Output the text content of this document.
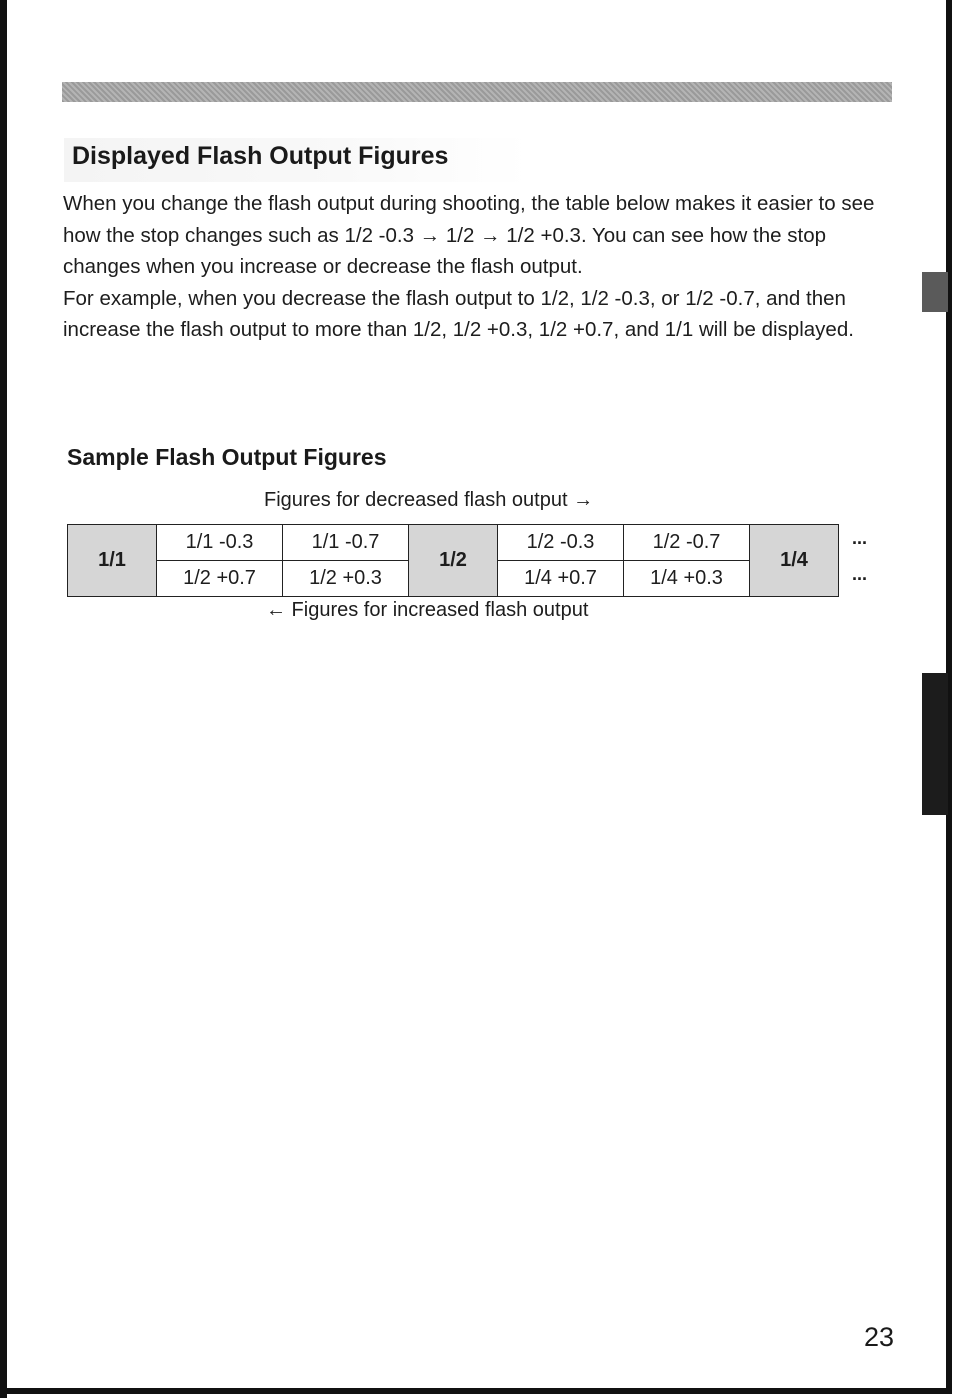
Displayed Flash Output Figures

When you change the flash output during shooting, the table below makes it easier to see how the stop changes such as 1/2 -0.3 → 1/2 → 1/2 +0.3. You can see how the stop changes when you increase or decrease the flash output.

For example, when you decrease the flash output to 1/2, 1/2 -0.3, or 1/2 -0.7, and then increase the flash output to more than 1/2, 1/2 +0.3, 1/2 +0.7, and 1/1 will be displayed.

Sample Flash Output Figures
Figures for decreased flash output →
1/1	1/1 -0.3	1/1 -0.7	1/2	1/2 -0.3	1/2 -0.7	1/4
	1/2 +0.7	1/2 +0.3		1/4 +0.7	1/4 +0.3	
...
...
← Figures for increased flash output
23
